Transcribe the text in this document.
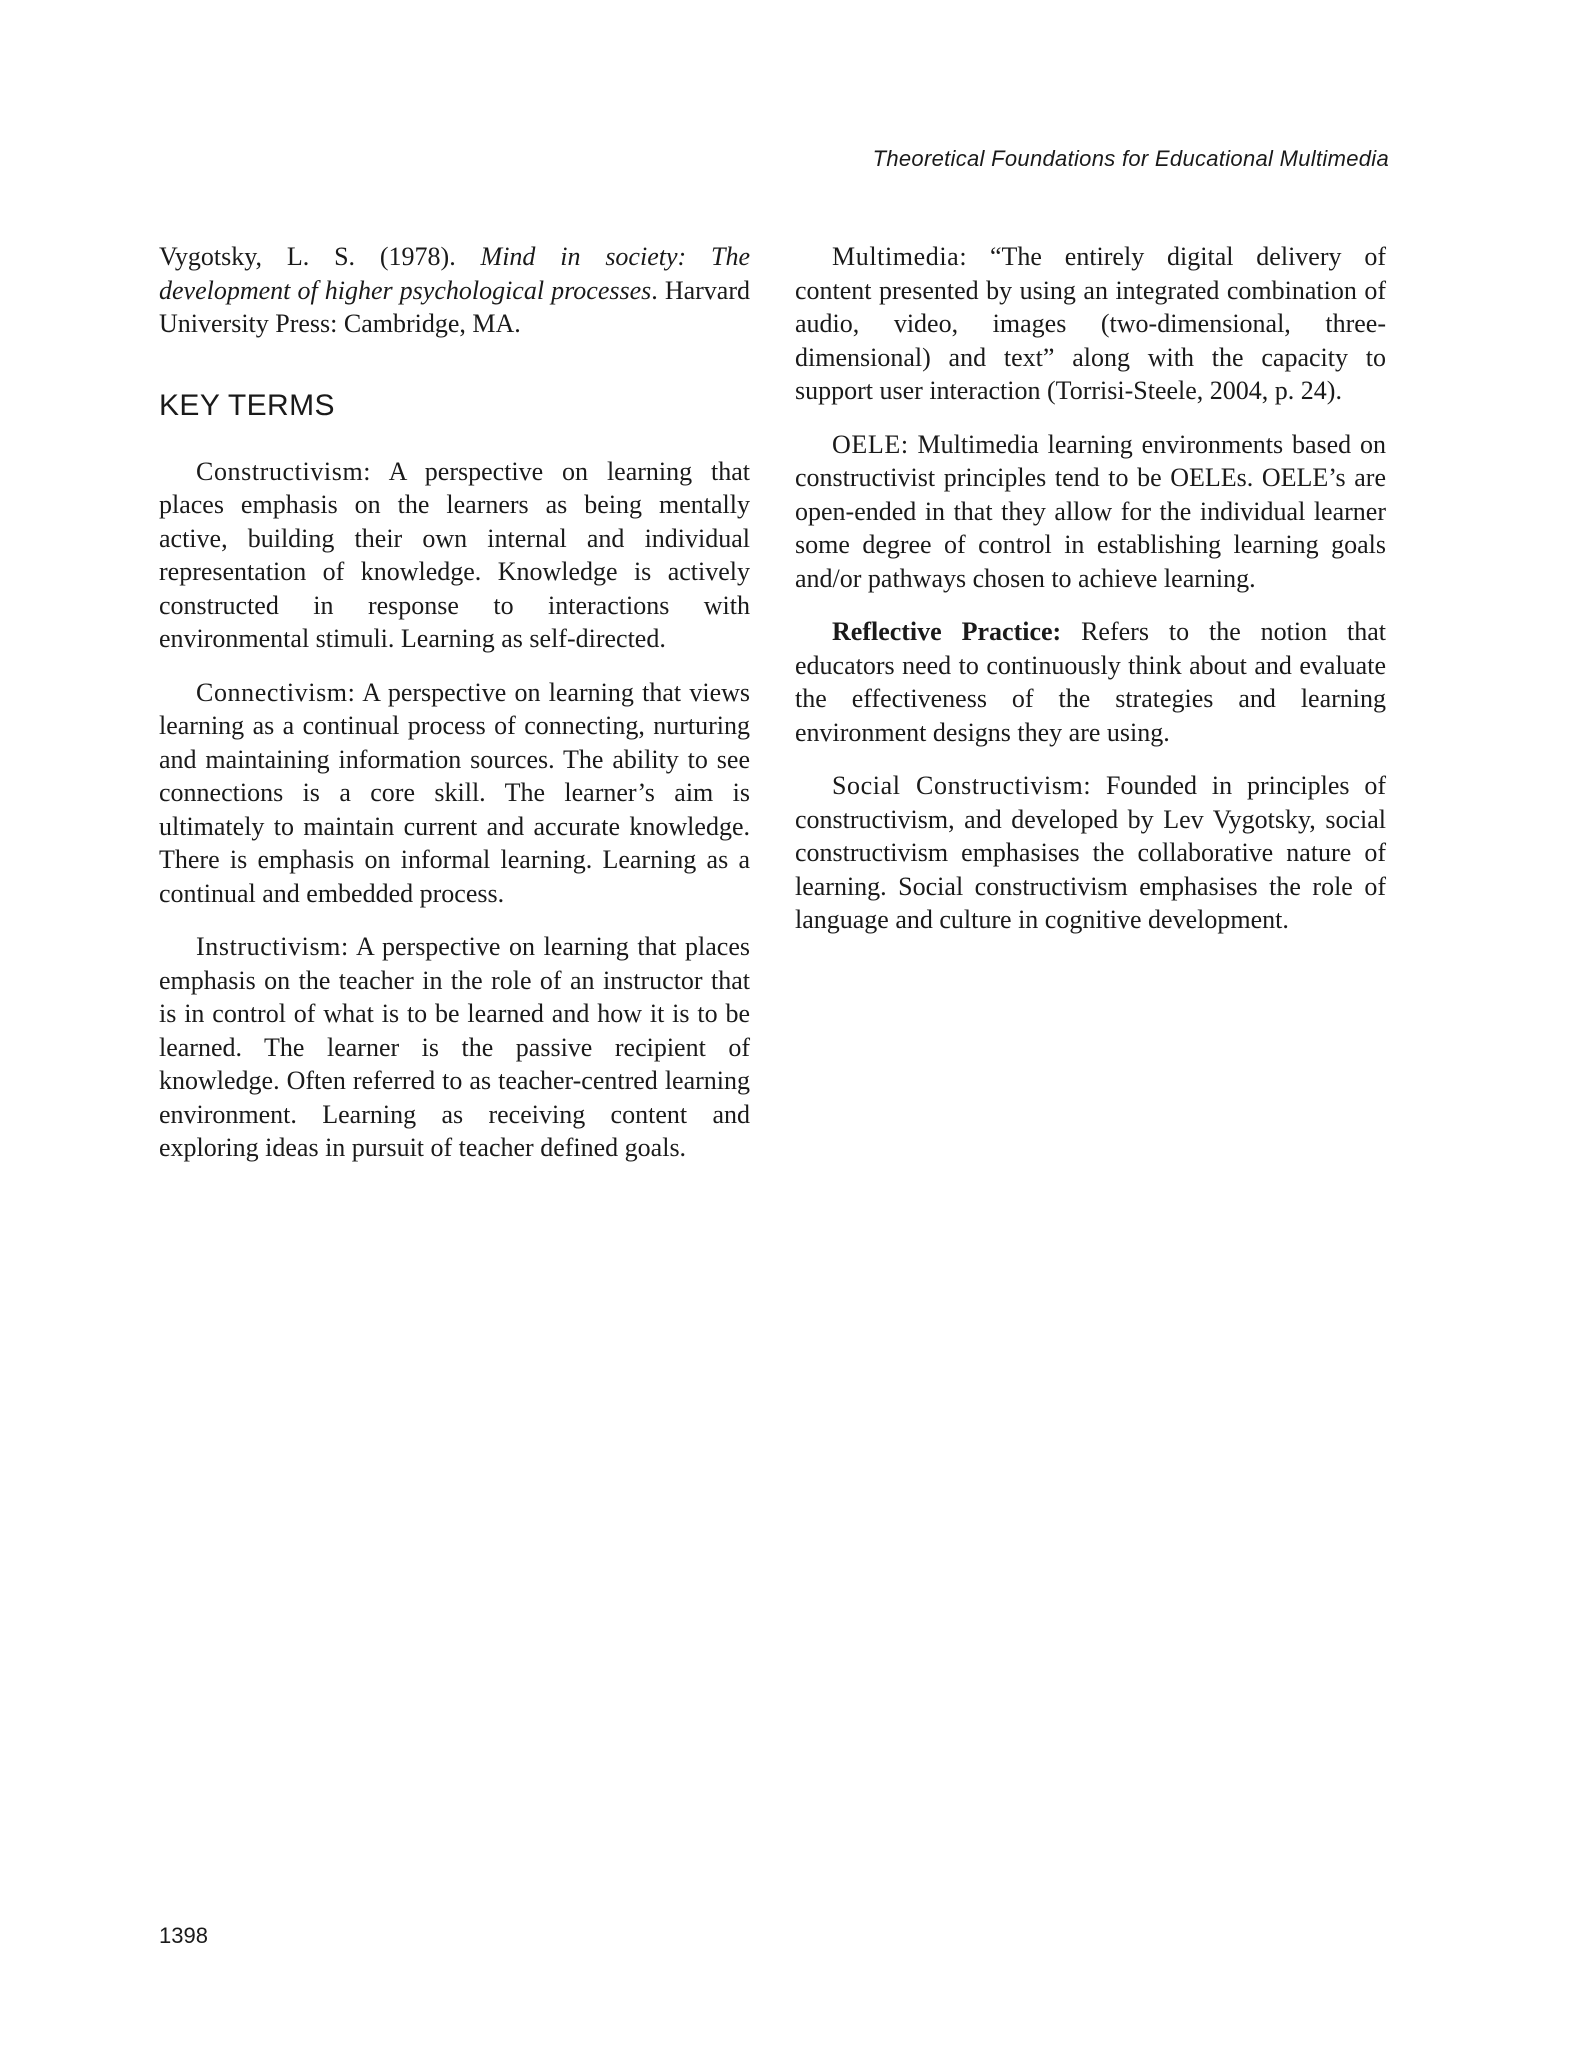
Theoretical Foundations for Educational Multimedia

Vygotsky, L. S. (1978). Mind in society: The development of higher psychological processes. Harvard University Press: Cambridge, MA.

KEY TERMS

Constructivism: A perspective on learning that places emphasis on the learners as being mentally active, building their own internal and individual representation of knowledge. Knowledge is actively constructed in response to interactions with environmental stimuli. Learning as self-directed.

Connectivism: A perspective on learning that views learning as a continual process of connecting, nurturing and maintaining information sources. The ability to see connections is a core skill. The learner’s aim is ultimately to maintain current and accurate knowledge. There is emphasis on informal learning. Learning as a continual and embedded process.

Instructivism: A perspective on learning that places emphasis on the teacher in the role of an instructor that is in control of what is to be learned and how it is to be learned. The learner is the passive recipient of knowledge. Often referred to as teacher-centred learning environment. Learning as receiving content and exploring ideas in pursuit of teacher defined goals.

Multimedia: “The entirely digital delivery of content presented by using an integrated combination of audio, video, images (two-dimensional, three-dimensional) and text” along with the capacity to support user interaction (Torrisi-Steele, 2004, p. 24).

OELE: Multimedia learning environments based on constructivist principles tend to be OELEs. OELE’s are open-ended in that they allow for the individual learner some degree of control in establishing learning goals and/or pathways chosen to achieve learning.

Reflective Practice: Refers to the notion that educators need to continuously think about and evaluate the effectiveness of the strategies and learning environment designs they are using.

Social Constructivism: Founded in principles of constructivism, and developed by Lev Vygotsky, social constructivism emphasises the collaborative nature of learning. Social constructivism emphasises the role of language and culture in cognitive development.

1398
